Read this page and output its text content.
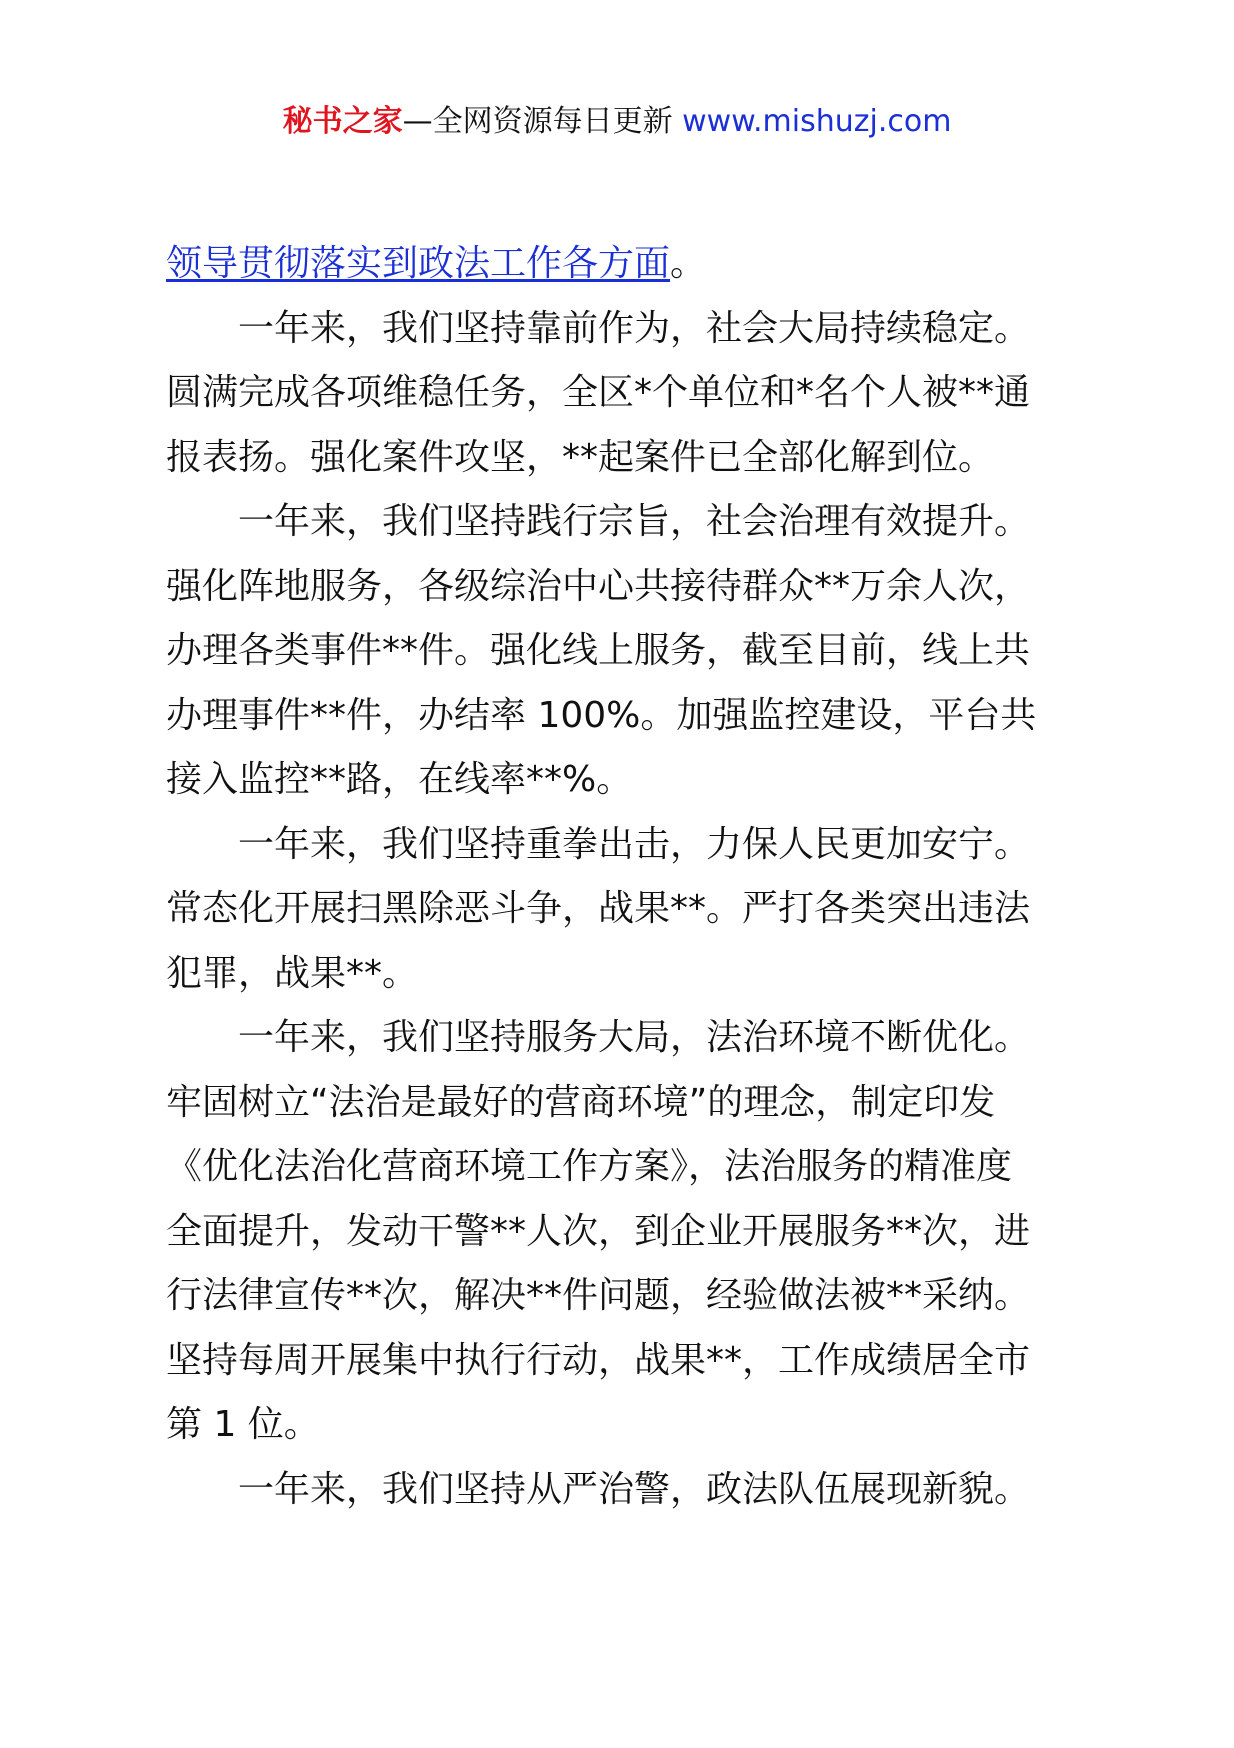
秘书之家—全网资源每日更新 www.mishuzj.com
领导贯彻落实到政法工作各方面。
一年来，我们坚持靠前作为，社会大局持续稳定。
圆满完成各项维稳任务，全区*个单位和*名个人被**通
报表扬。强化案件攻坚，**起案件已全部化解到位。
一年来，我们坚持践行宗旨，社会治理有效提升。
强化阵地服务，各级综治中心共接待群众**万余人次，
办理各类事件**件。强化线上服务，截至目前，线上共
办理事件**件，办结率 100%。加强监控建设，平台共
接入监控**路，在线率**%。
一年来，我们坚持重拳出击，力保人民更加安宁。
常态化开展扫黑除恶斗争，战果**。严打各类突出违法
犯罪，战果**。
一年来，我们坚持服务大局，法治环境不断优化。
牢固树立“法治是最好的营商环境”的理念，制定印发
《优化法治化营商环境工作方案》，法治服务的精准度
全面提升，发动干警**人次，到企业开展服务**次，进
行法律宣传**次，解决**件问题，经验做法被**采纳。
坚持每周开展集中执行行动，战果**，工作成绩居全市
第 1 位。
一年来，我们坚持从严治警，政法队伍展现新貌。
